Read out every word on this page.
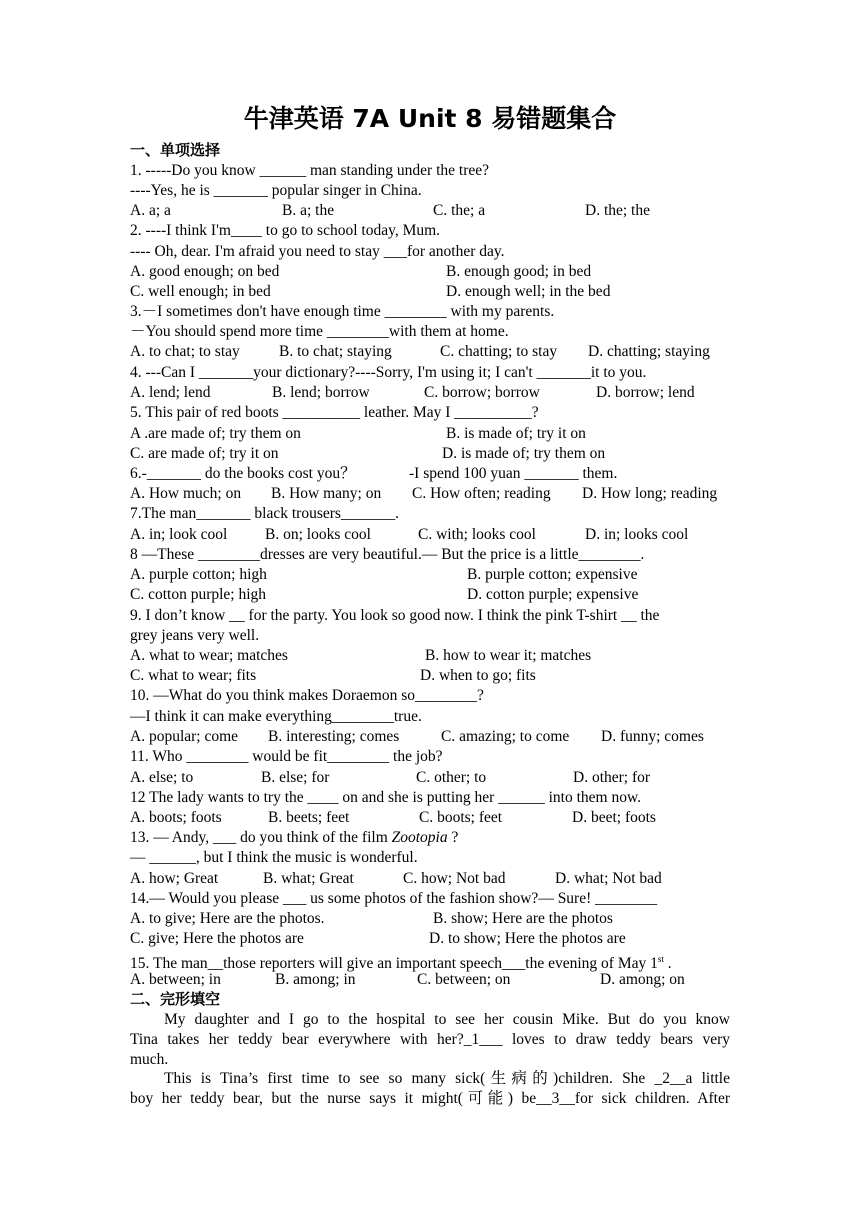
牛津英语 7A Unit 8 易错题集合
一、单项选择
1. -----Do you know ______ man standing under the tree?
----Yes, he is _______ popular singer in China.
A. a; a	B. a; the	C. the; a	D. the; the
2. ----I think I'm____ to go to school today, Mum.
---- Oh, dear. I'm afraid you need to stay ___for another day.
A. good enough; on bed	B. enough good; in bed
C. well enough; in bed	D. enough well; in the bed
3.－I sometimes don't have enough time ________ with my parents.
－You should spend more time ________with them at home.
A. to chat; to stay	B. to chat; staying	C. chatting; to stay	D. chatting; staying
4. ---Can I _______your dictionary?----Sorry, I'm using it; I can't _______it to you.
A. lend; lend	B. lend; borrow	C. borrow; borrow	D. borrow; lend
5. This pair of red boots __________ leather. May I __________?
A .are made of; try them on	B. is made of; try it on
C. are made of; try it on	D. is made of; try them on
6.-_______ do the books cost you？	-I spend 100 yuan _______ them.
A. How much; on	B. How many; on	C. How often; reading	D. How long; reading
7.The man_______ black trousers_______.
A. in; look cool	B. on; looks cool	C. with; looks cool	D. in; looks cool
8 —These ________dresses are very beautiful.— But the price is a little________.
A. purple cotton; high	B. purple cotton; expensive
C. cotton purple; high	D. cotton purple; expensive
9. I don’t know __ for the party. You look so good now. I think the pink T-shirt __ the
grey jeans very well.
A. what to wear; matches	B. how to wear it; matches
C. what to wear; fits	D. when to go; fits
10. —What do you think makes Doraemon so________?
—I think it can make everything________true.
A. popular; come	B. interesting; comes	C. amazing; to come	D. funny; comes
11. Who ________ would be fit________ the job?
A. else; to	B. else; for	C. other; to	D. other; for
12 The lady wants to try the ____ on and she is putting her ______ into them now.
A. boots; foots	B. beets; feet	C. boots; feet	D. beet; foots
13. — Andy, ___ do you think of the film Zootopia ?
— ______, but I think the music is wonderful.
A. how; Great	B. what; Great	C. how; Not bad	D. what; Not bad
14.— Would you please ___ us some photos of the fashion show?— Sure! ________
A. to give; Here are the photos.	B. show; Here are the photos
C. give; Here the photos are	D. to show; Here the photos are
15. The man__those reporters will give an important speech___the evening of May 1st .
A. between; in	B. among; in	C. between; on	D. among; on
二、完形填空
My daughter and I go to the hospital to see her cousin Mike. But do you know
Tina takes her teddy bear everywhere with her?_1___ loves to draw teddy bears very
much.
This is Tina’s first time to see so many sick(生病的)children. She _2__a little
boy her teddy bear, but the nurse says it might(可能) be__3__for sick children. After
